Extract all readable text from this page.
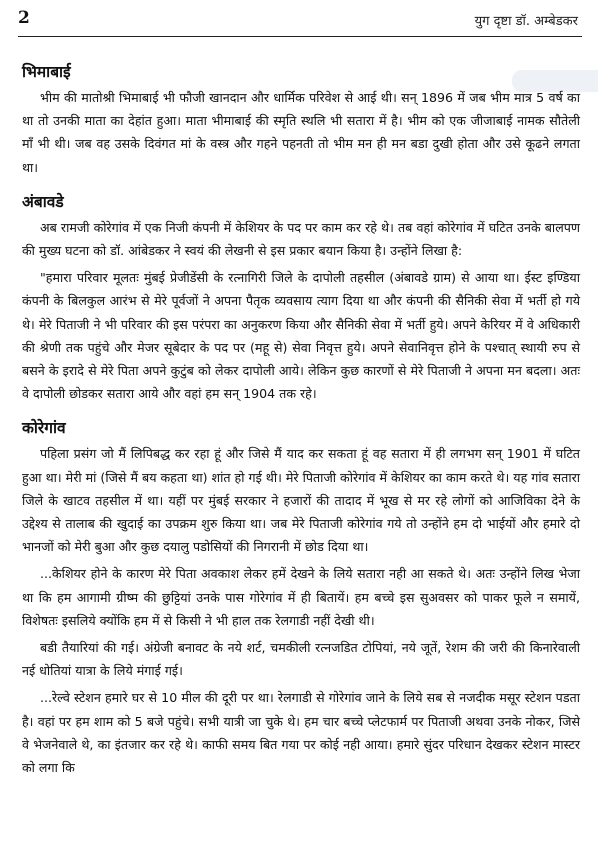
2	युग दृष्टा डॉ. अम्बेडकर
भिमाबाई

भीम की मातोश्री भिमाबाई भी फौजी खानदान और धार्मिक परिवेश से आई थी। सन् 1896 में जब भीम मात्र 5 वर्ष का था तो उनकी माता का देहांत हुआ। माता भीमाबाई की स्मृति स्थलि भी सतारा में है। भीम को एक जीजाबाई नामक सौतेली माँ भी थी। जब वह उसके दिवंगत मां के वस्त्र और गहने पहनती तो भीम मन ही मन बडा दुखी होता और उसे कूढने लगता था।

अंबावडे

अब रामजी कोरेगांव में एक निजी कंपनी में केशियर के पद पर काम कर रहे थे। तब वहां कोरेगांव में घटित उनके बालपण की मुख्य घटना को डॉ. आंबेडकर ने स्वयं की लेखनी से इस प्रकार बयान किया है। उन्होंने लिखा है:

"हमारा परिवार मूलतः मुंबई प्रेजीडेंसी के रत्नागिरी जिले के दापोली तहसील (अंबावडे ग्राम) से आया था। ईस्ट इण्डिया कंपनी के बिलकुल आरंभ से मेरे पूर्वजों ने अपना पैतृक व्यवसाय त्याग दिया था और कंपनी की सैनिकी सेवा में भर्ती हो गये थे। मेरे पिताजी ने भी परिवार की इस परंपरा का अनुकरण किया और सैनिकी सेवा में भर्ती हुये। अपने केरियर में वे अधिकारी की श्रेणी तक पहुंचे और मेजर सूबेदार के पद पर (महू से) सेवा निवृत्त हुये। अपने सेवानिवृत्त होने के पश्चात् स्थायी रुप से बसने के इरादे से मेरे पिता अपने कुटुंब को लेकर दापोली आये। लेकिन कुछ कारणों से मेरे पिताजी ने अपना मन बदला। अतः वे दापोली छोडकर सतारा आये और वहां हम सन् 1904 तक रहे।

कोरेगांव

पहिला प्रसंग जो मैं लिपिबद्ध कर रहा हूं और जिसे मैं याद कर सकता हूं वह सतारा में ही लगभग सन् 1901 में घटित हुआ था। मेरी मां (जिसे मैं बय कहता था) शांत हो गई थी। मेरे पिताजी कोरेगांव में केशियर का काम करते थे। यह गांव सतारा जिले के खाटव तहसील में था। यहीं पर मुंबई सरकार ने हजारों की तादाद में भूख से मर रहे लोगों को आजिविका देने के उद्देश्य से तालाब की खुदाई का उपक्रम शुरु किया था। जब मेरे पिताजी कोरेगांव गये तो उन्होंने हम दो भाईयों और हमारे दो भानजों को मेरी बुआ और कुछ दयालु पडोसियों की निगरानी में छोड दिया था।

...केशियर होने के कारण मेरे पिता अवकाश लेकर हमें देखने के लिये सतारा नही आ सकते थे। अतः उन्होंने लिख भेजा था कि हम आगामी ग्रीष्म की छुट्टियां उनके पास गोरेगांव में ही बितायें। हम बच्चे इस सुअवसर को पाकर फूले न समायें, विशेषतः इसलिये क्योंकि हम में से किसी ने भी हाल तक रेलगाडी नहीं देखी थी।

बडी तैयारियां की गई। अंग्रेजी बनावट के नये शर्ट, चमकीली रत्नजडित टोपियां, नये जूतें, रेशम की जरी की किनारेवाली नई धोतियां यात्रा के लिये मंगाई गई।

...रेल्वे स्टेशन हमारे घर से 10 मील की दूरी पर था। रेलगाडी से गोरेगांव जाने के लिये सब से नजदीक मसूर स्टेशन पडता है। वहां पर हम शाम को 5 बजे पहुंचे। सभी यात्री जा चुके थे। हम चार बच्चे प्लेटफार्म पर पिताजी अथवा उनके नोकर, जिसे वे भेजनेवाले थे, का इंतजार कर रहे थे। काफी समय बित गया पर कोई नही आया। हमारे सुंदर परिधान देखकर स्टेशन मास्टर को लगा कि
